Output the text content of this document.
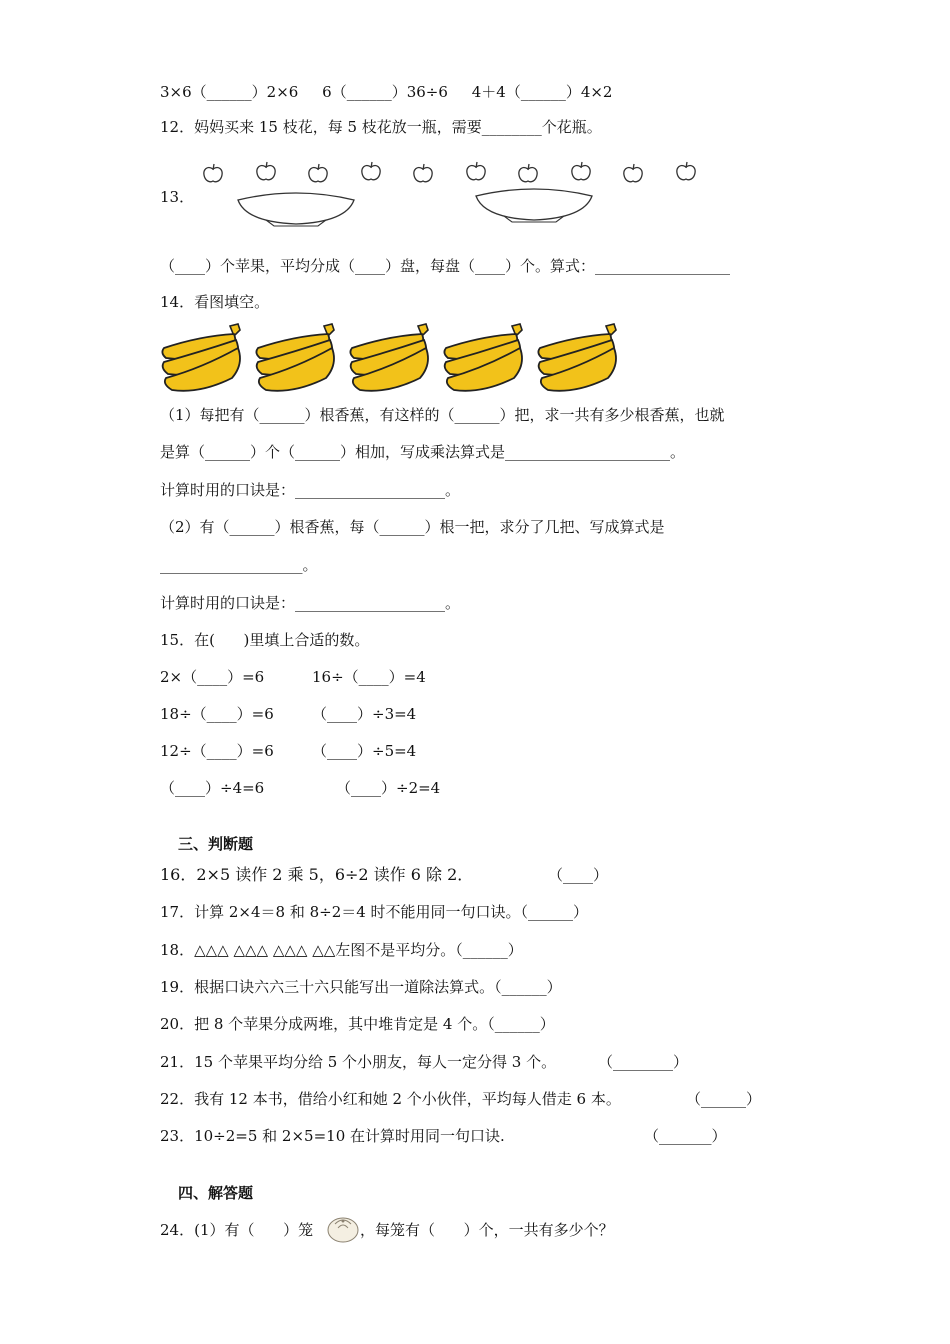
3×6（______）2×6     6（______）36÷6     4＋4（______）4×2
12．妈妈买来 15 枝花，每 5 枝花放一瓶，需要________个花瓶。
13．
（____）个苹果，平均分成（____）盘，每盘（____）个。算式：__________________
14．看图填空。
（1）每把有（______）根香蕉，有这样的（______）把，求一共有多少根香蕉，也就
是算（______）个（______）相加，写成乘法算式是______________________。
计算时用的口诀是：____________________。
（2）有（______）根香蕉，每（______）根一把，求分了几把、写成算式是
___________________。
计算时用的口诀是：____________________。
15．在(      )里填上合适的数。
2×（____）=6	16÷（____）=4
18÷（____）=6	（____）÷3=4
12÷（____）=6	（____）÷5=4
（____）÷4=6	（____）÷2=4
三、判断题
16．2×5 读作 2 乘 5，6÷2 读作 6 除 2．	（____）
17．计算 2×4＝8 和 8÷2＝4 时不能用同一句口诀。（______）
18．△△△ △△△ △△△ △△左图不是平均分。（______）
19．根据口诀六六三十六只能写出一道除法算式。（______）
20．把 8 个苹果分成两堆，其中堆肯定是 4 个。（______）
21．15 个苹果平均分给 5 个小朋友，每人一定分得 3 个。	（________）
22．我有 12 本书，借给小红和她 2 个小伙伴，平均每人借走 6 本。	（______）
23．10÷2=5 和 2×5=10 在计算时用同一句口诀.	（_______）
四、解答题
24．(1）有（      ）笼	，每笼有（      ）个，一共有多少个？
